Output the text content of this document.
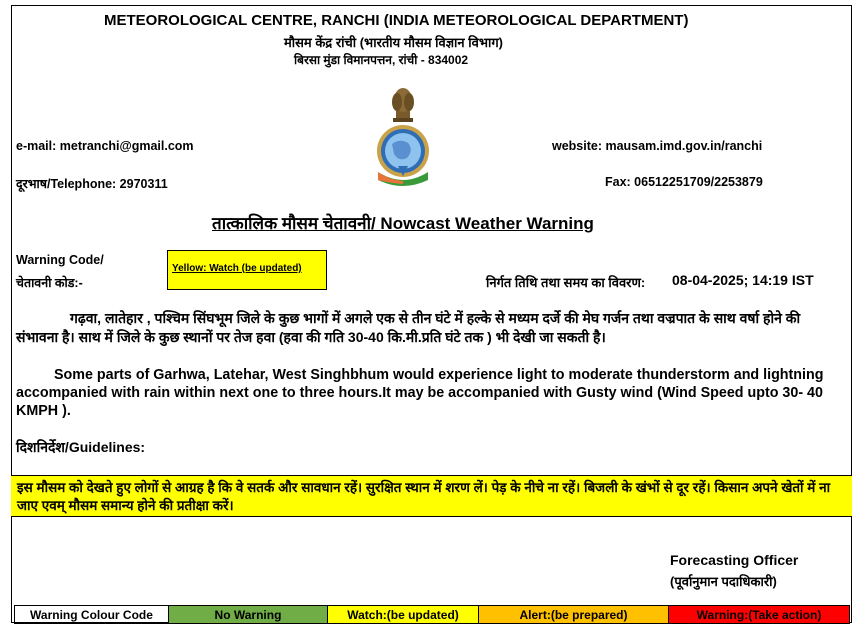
METEOROLOGICAL CENTRE, RANCHI (INDIA METEOROLOGICAL DEPARTMENT)
मौसम केंद्र रांची (भारतीय मौसम विज्ञान विभाग)
बिरसा मुंडा विमानपत्तन, रांची - 834002
e-mail: metranchi@gmail.com	website: mausam.imd.gov.in/ranchi
दूरभाष/Telephone: 2970311	Fax: 06512251709/2253879
तात्कालिक मौसम चेतावनी/ Nowcast Weather Warning
Warning Code/
चेतावनी कोड:-
Yellow: Watch (be updated)
निर्गत तिथि तथा समय का विवरण: 08-04-2025; 14:19 IST
गढ़वा, लातेहार , पश्चिम सिंघभूम जिले के कुछ भागों में अगले एक से तीन घंटे में हल्के से मध्यम दर्जे की मेघ गर्जन तथा वज्रपात के साथ वर्षा होने की संभावना है। साथ में जिले के कुछ स्थानों पर तेज हवा (हवा की गति 30-40 कि.मी.प्रति घंटे तक ) भी देखी जा सकती है।
Some parts of Garhwa, Latehar, West Singhbhum would experience light to moderate thunderstorm and lightning accompanied with rain within next one to three hours.It may be accompanied with Gusty wind (Wind Speed upto 30- 40 KMPH ).
दिशनिर्देश/Guidelines:
इस मौसम को देखते हुए लोगों से आग्रह है कि वे सतर्क और सावधान रहें। सुरक्षित स्थान में शरण लें। पेड़ के नीचे ना रहें। बिजली के खंभों से दूर रहें। किसान अपने खेतों में ना जाए एवम् मौसम समान्य होने की प्रतीक्षा करें।
Forecasting Officer
(पूर्वानुमान पदाधिकारी)
Warning Colour Code	No Warning	Watch:(be updated)	Alert:(be prepared)	Warning:(Take action)
